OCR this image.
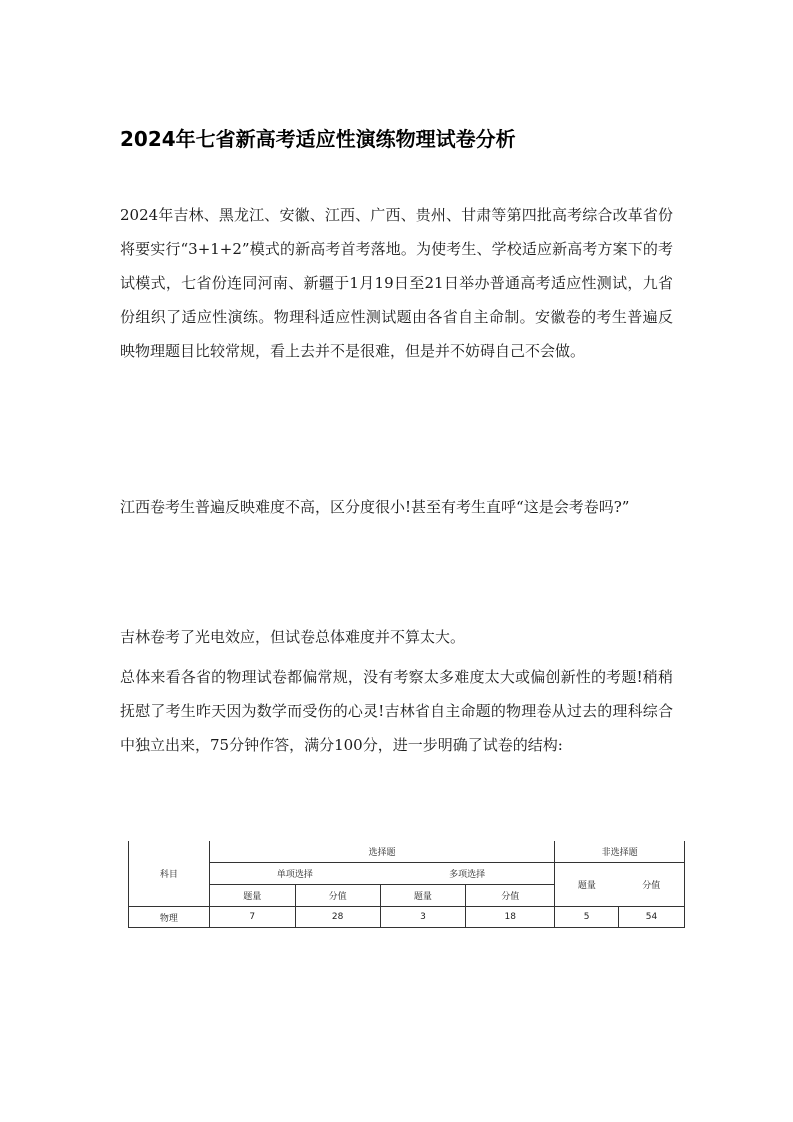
2024年七省新高考适应性演练物理试卷分析
2024年吉林、黑龙江、安徽、江西、广西、贵州、甘肃等第四批高考综合改革省份将要实行“3+1+2”模式的新高考首考落地。为使考生、学校适应新高考方案下的考试模式，七省份连同河南、新疆于1月19日至21日举办普通高考适应性测试，九省份组织了适应性演练。物理科适应性测试题由各省自主命制。安徽卷的考生普遍反映物理题目比较常规，看上去并不是很难，但是并不妨碍自己不会做。
江西卷考生普遍反映难度不高，区分度很小!甚至有考生直呼“这是会考卷吗?”
吉林卷考了光电效应，但试卷总体难度并不算太大。
总体来看各省的物理试卷都偏常规，没有考察太多难度太大或偏创新性的考题!稍稍抚慰了考生昨天因为数学而受伤的心灵!吉林省自主命题的物理卷从过去的理科综合中独立出来，75分钟作答，满分100分，进一步明确了试卷的结构:
科目	选择题				非选择题	
	单项选择		多项选择		题量	分值
	题量	分值	题量	分值		
物理	7	28	3	18	5	54
